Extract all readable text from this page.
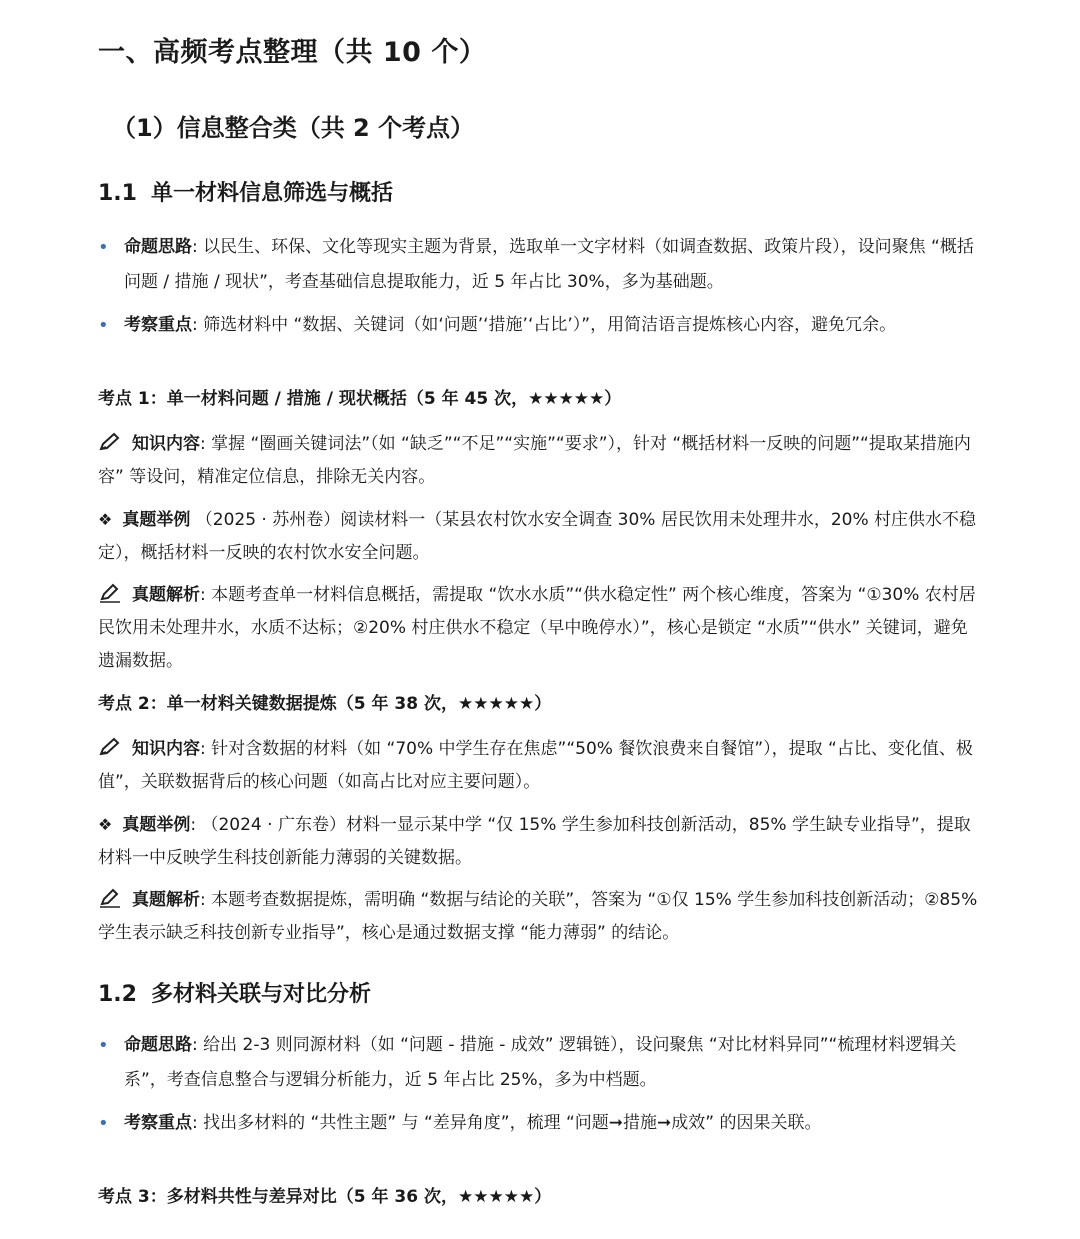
一、高频考点整理（共 10 个）
（1）信息整合类（共 2 个考点）
1.1 单一材料信息筛选与概括
• 命题思路: 以民生、环保、文化等现实主题为背景，选取单一文字材料（如调查数据、政策片段），设问聚焦 “概括问题 / 措施 / 现状”，考查基础信息提取能力，近 5 年占比 30%，多为基础题。
• 考察重点: 筛选材料中 “数据、关键词（如‘问题’‘措施’‘占比’）”，用简洁语言提炼核心内容，避免冗余。
考点 1：单一材料问题 / 措施 / 现状概括（5 年 45 次，★★★★★）
知识内容: 掌握 “圈画关键词法”（如 “缺乏”“不足”“实施”“要求”），针对 “概括材料一反映的问题”“提取某措施内容” 等设问，精准定位信息，排除无关内容。
❖ 真题举例 （2025 · 苏州卷）阅读材料一（某县农村饮水安全调查 30% 居民饮用未处理井水，20% 村庄供水不稳定），概括材料一反映的农村饮水安全问题。
真题解析: 本题考查单一材料信息概括，需提取 “饮水水质”“供水稳定性” 两个核心维度，答案为 “①30% 农村居民饮用未处理井水，水质不达标；②20% 村庄供水不稳定（早中晚停水）”，核心是锁定 “水质”“供水” 关键词，避免遗漏数据。
考点 2：单一材料关键数据提炼（5 年 38 次，★★★★★）
知识内容: 针对含数据的材料（如 “70% 中学生存在焦虑”“50% 餐饮浪费来自餐馆”），提取 “占比、变化值、极值”，关联数据背后的核心问题（如高占比对应主要问题）。
❖ 真题举例: （2024 · 广东卷）材料一显示某中学 “仅 15% 学生参加科技创新活动，85% 学生缺专业指导”，提取材料一中反映学生科技创新能力薄弱的关键数据。
真题解析: 本题考查数据提炼，需明确 “数据与结论的关联”，答案为 “①仅 15% 学生参加科技创新活动；②85% 学生表示缺乏科技创新专业指导”，核心是通过数据支撑 “能力薄弱” 的结论。
1.2 多材料关联与对比分析
• 命题思路: 给出 2-3 则同源材料（如 “问题 - 措施 - 成效” 逻辑链），设问聚焦 “对比材料异同”“梳理材料逻辑关系”，考查信息整合与逻辑分析能力，近 5 年占比 25%，多为中档题。
• 考察重点: 找出多材料的 “共性主题” 与 “差异角度”，梳理 “问题➞措施➞成效” 的因果关联。
考点 3：多材料共性与差异对比（5 年 36 次，★★★★★）
